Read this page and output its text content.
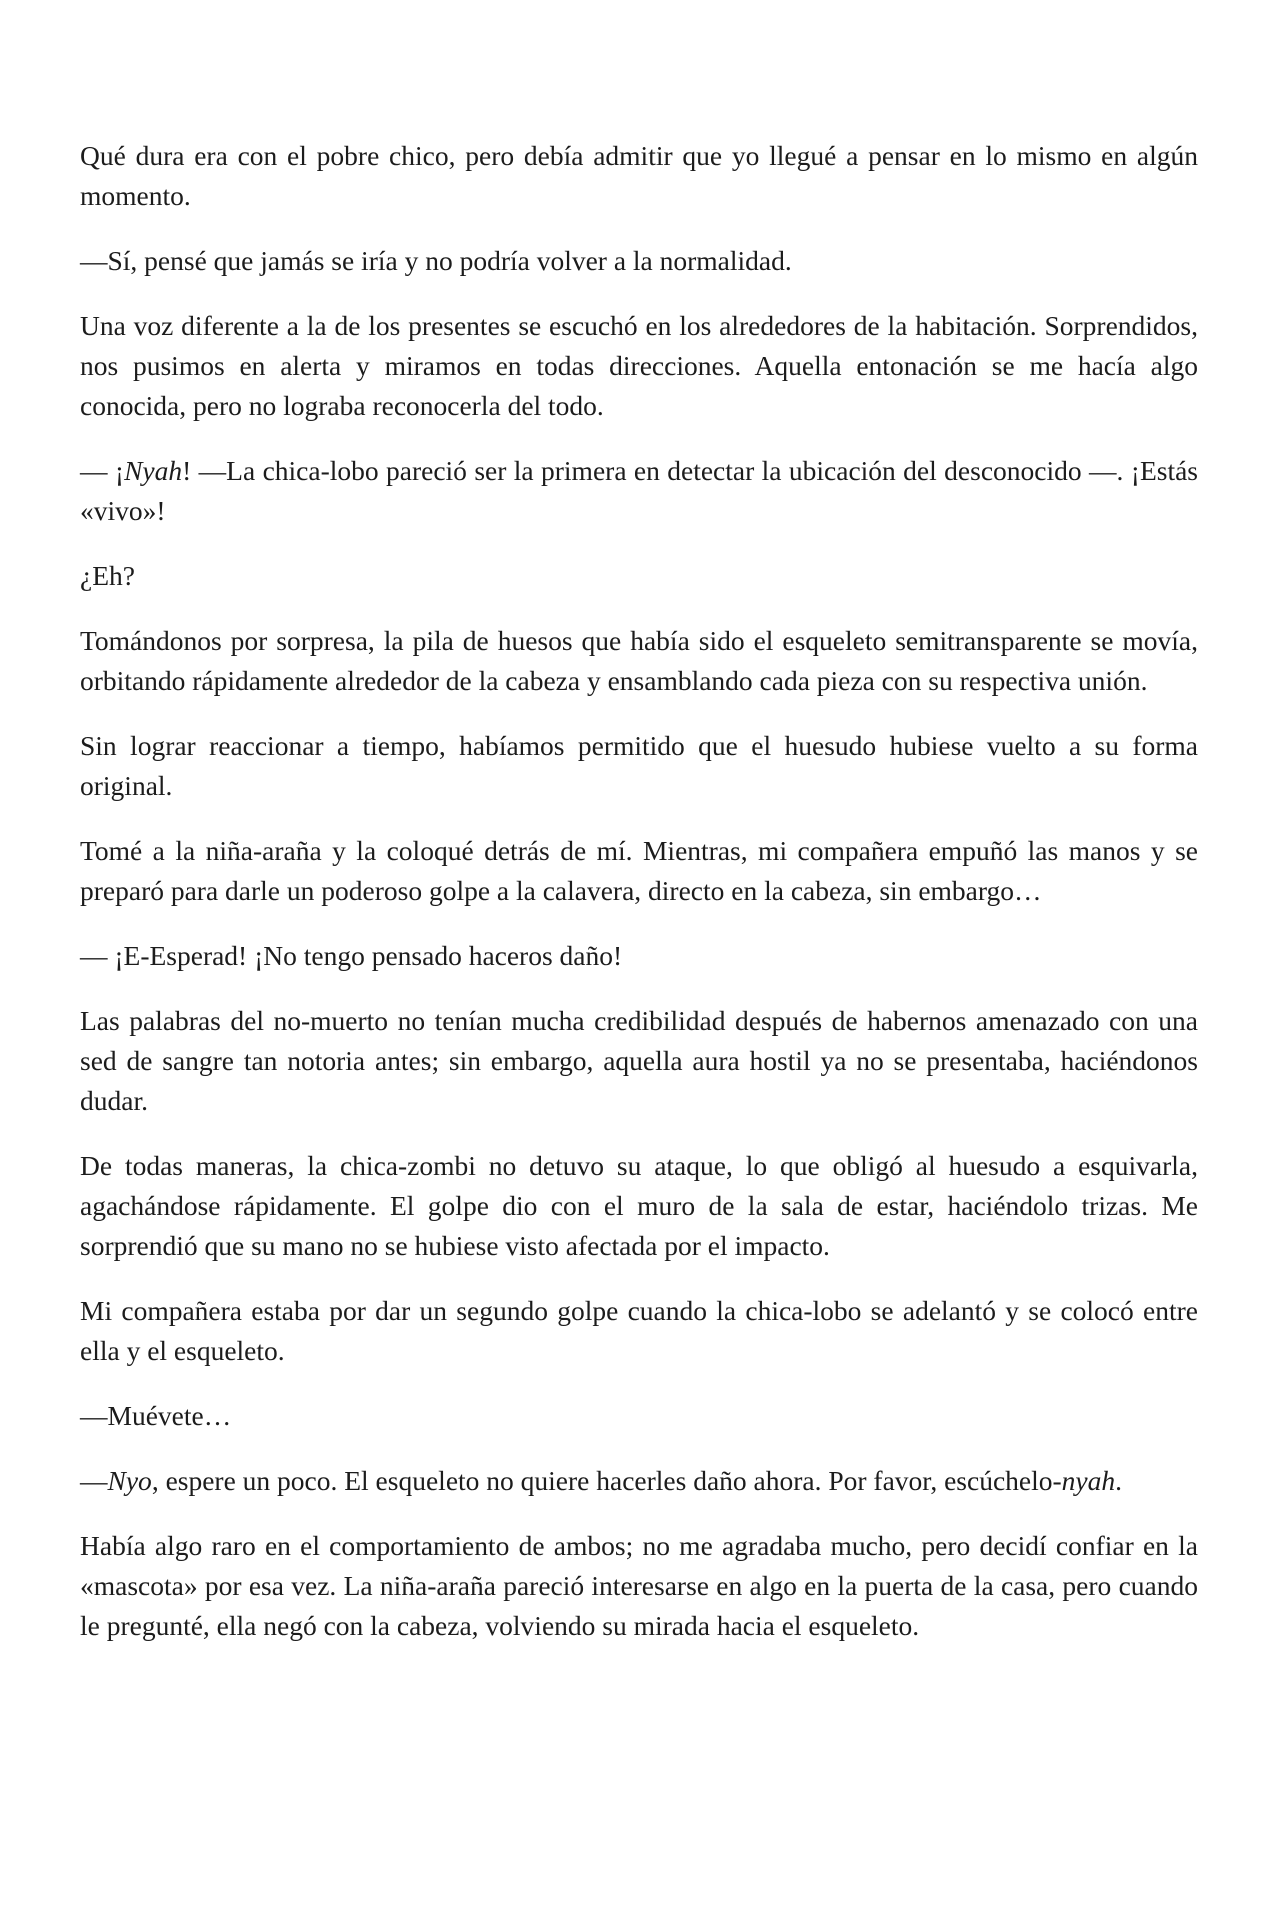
Qué dura era con el pobre chico, pero debía admitir que yo llegué a pensar en lo mismo en algún momento.

—Sí, pensé que jamás se iría y no podría volver a la normalidad.

Una voz diferente a la de los presentes se escuchó en los alrededores de la habitación. Sorprendidos, nos pusimos en alerta y miramos en todas direcciones. Aquella entonación se me hacía algo conocida, pero no lograba reconocerla del todo.

— ¡Nyah! —La chica-lobo pareció ser la primera en detectar la ubicación del desconocido —. ¡Estás «vivo»!

¿Eh?

Tomándonos por sorpresa, la pila de huesos que había sido el esqueleto semitransparente se movía, orbitando rápidamente alrededor de la cabeza y ensamblando cada pieza con su respectiva unión.

Sin lograr reaccionar a tiempo, habíamos permitido que el huesudo hubiese vuelto a su forma original.

Tomé a la niña-araña y la coloqué detrás de mí. Mientras, mi compañera empuñó las manos y se preparó para darle un poderoso golpe a la calavera, directo en la cabeza, sin embargo…

— ¡E-Esperad! ¡No tengo pensado haceros daño!

Las palabras del no-muerto no tenían mucha credibilidad después de habernos amenazado con una sed de sangre tan notoria antes; sin embargo, aquella aura hostil ya no se presentaba, haciéndonos dudar.

De todas maneras, la chica-zombi no detuvo su ataque, lo que obligó al huesudo a esquivarla, agachándose rápidamente. El golpe dio con el muro de la sala de estar, haciéndolo trizas. Me sorprendió que su mano no se hubiese visto afectada por el impacto.

Mi compañera estaba por dar un segundo golpe cuando la chica-lobo se adelantó y se colocó entre ella y el esqueleto.

—Muévete…

—Nyo, espere un poco. El esqueleto no quiere hacerles daño ahora. Por favor, escúchelo-nyah.

Había algo raro en el comportamiento de ambos; no me agradaba mucho, pero decidí confiar en la «mascota» por esa vez. La niña-araña pareció interesarse en algo en la puerta de la casa, pero cuando le pregunté, ella negó con la cabeza, volviendo su mirada hacia el esqueleto.
